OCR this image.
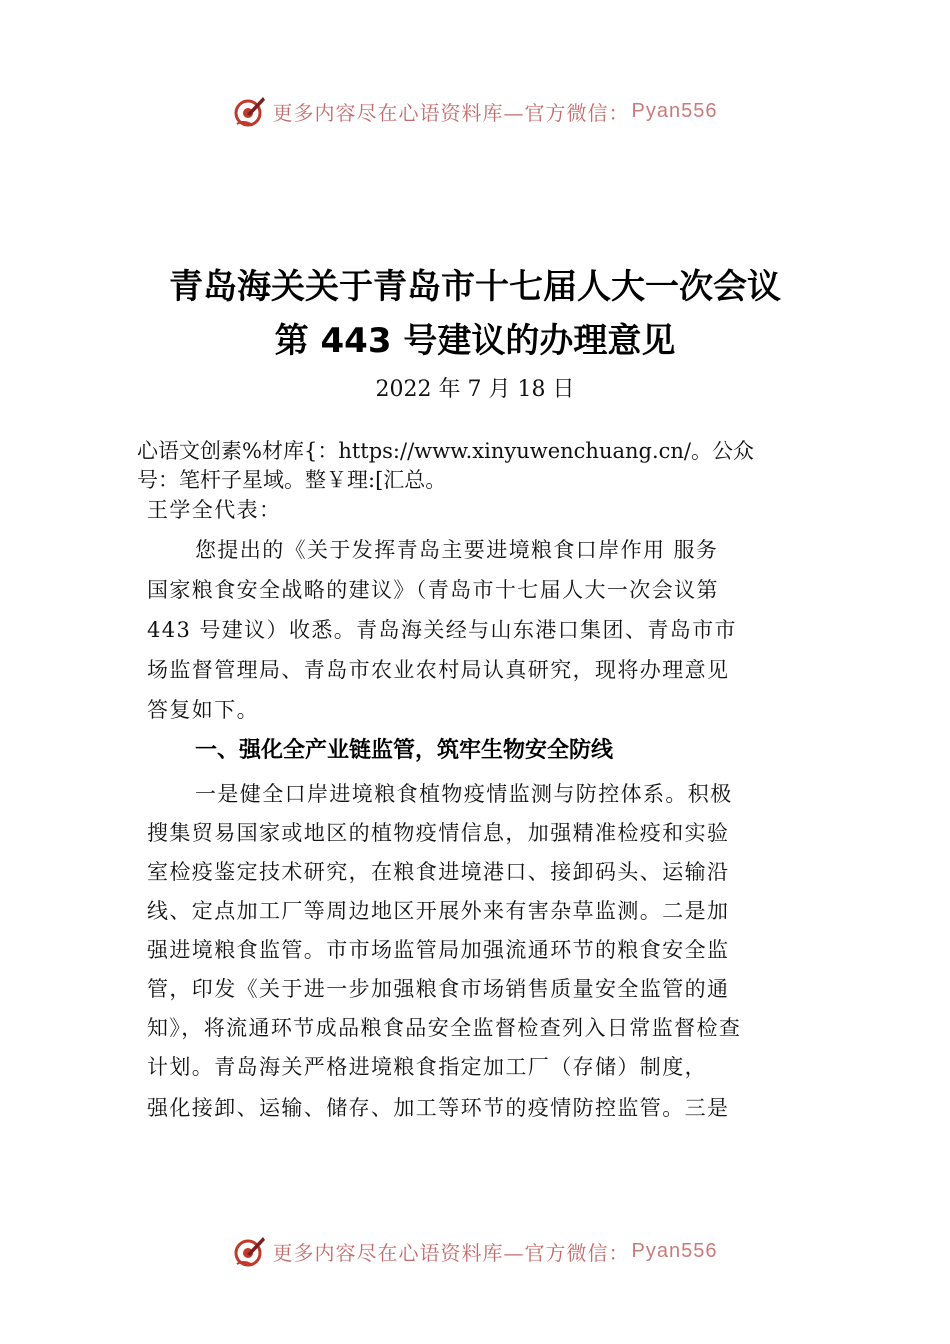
更多内容尽在心语资料库—官方微信： Pyan556
青岛海关关于青岛市十七届人大一次会议
第 443 号建议的办理意见
2022 年 7 月 18 日
心语文创素%材库{：https://www.xinyuwenchuang.cn/。公众
号：笔杆子星域。整￥理:[汇总。
王学全代表：
您提出的《关于发挥青岛主要进境粮食口岸作用 服务
国家粮食安全战略的建议》（青岛市十七届人大一次会议第
443 号建议）收悉。青岛海关经与山东港口集团、青岛市市
场监督管理局、青岛市农业农村局认真研究，现将办理意见
答复如下。
一、强化全产业链监管，筑牢生物安全防线
一是健全口岸进境粮食植物疫情监测与防控体系。积极
搜集贸易国家或地区的植物疫情信息，加强精准检疫和实验
室检疫鉴定技术研究，在粮食进境港口、接卸码头、运输沿
线、定点加工厂等周边地区开展外来有害杂草监测。二是加
强进境粮食监管。市市场监管局加强流通环节的粮食安全监
管，印发《关于进一步加强粮食市场销售质量安全监管的通
知》，将流通环节成品粮食品安全监督检查列入日常监督检查
计划。青岛海关严格进境粮食指定加工厂（存储）制度，
强化接卸、运输、储存、加工等环节的疫情防控监管。三是
更多内容尽在心语资料库—官方微信： Pyan556
